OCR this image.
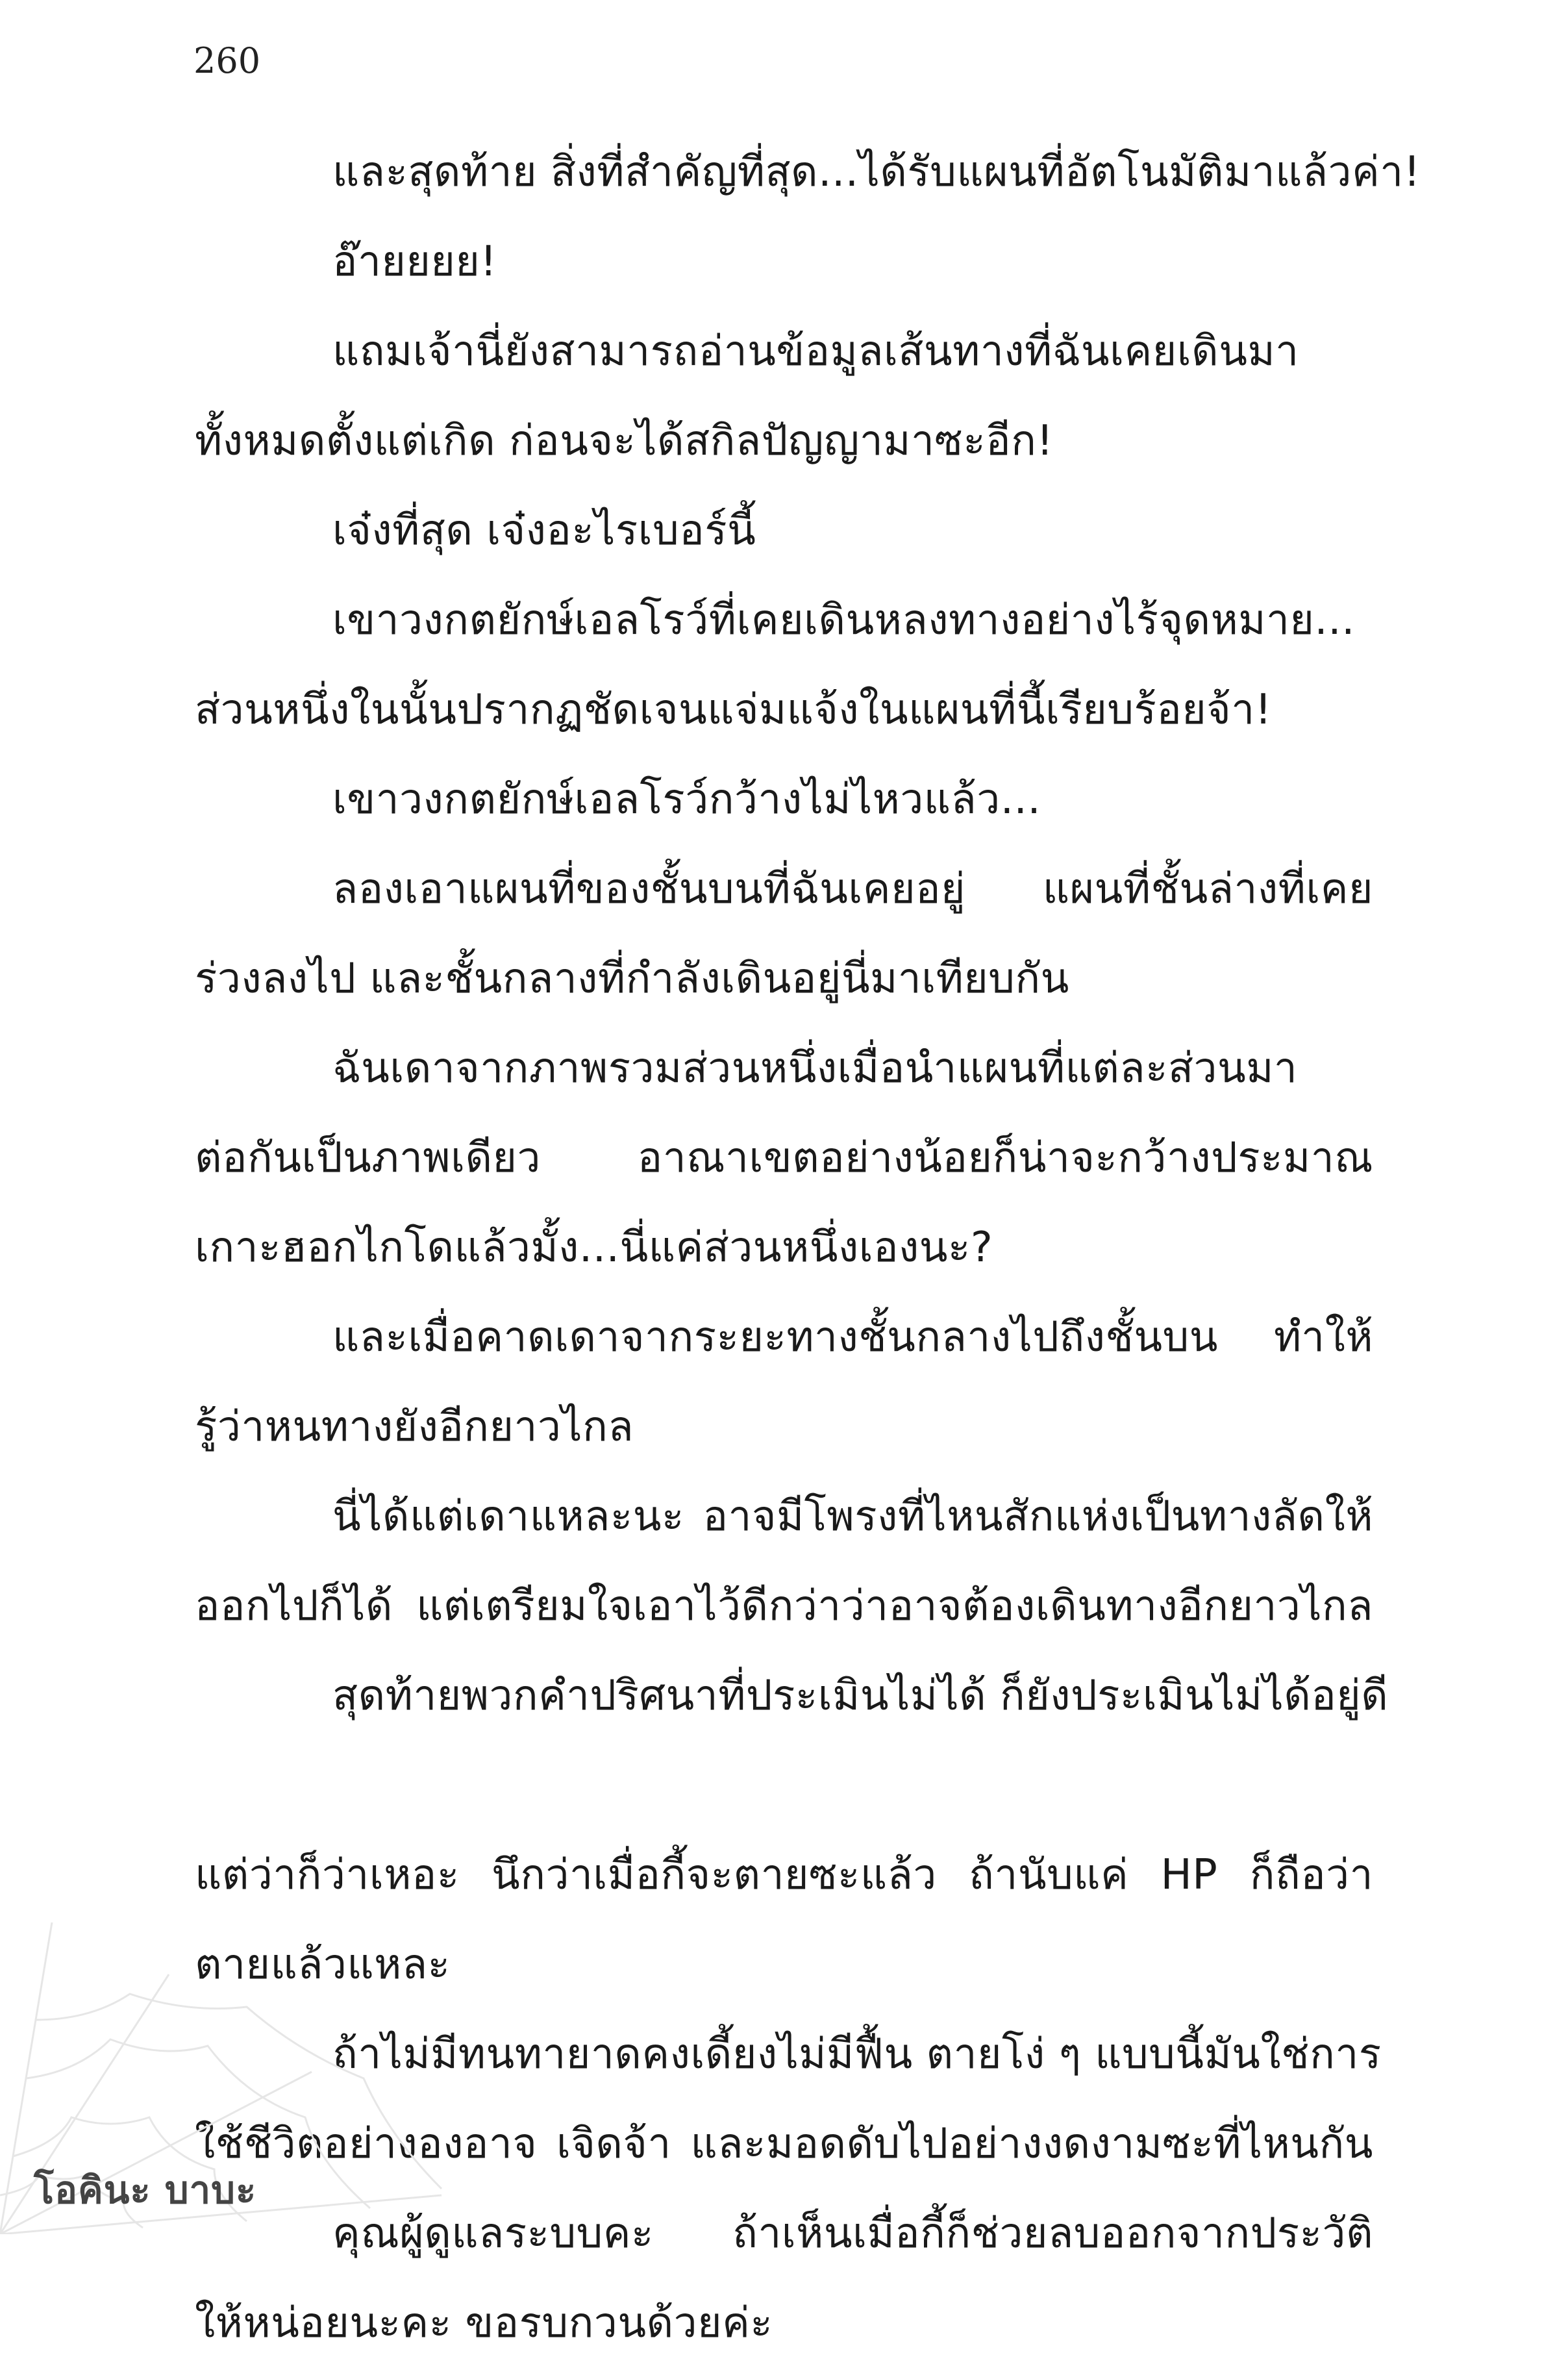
260
และสุดท้าย สิ่งที่สำคัญที่สุด...ได้รับแผนที่อัตโนมัติมาแล้วค่า!
อ๊ายยยย!
แถมเจ้านี่ยังสามารถอ่านข้อมูลเส้นทางที่ฉันเคยเดินมา
ทั้งหมดตั้งแต่เกิด ก่อนจะได้สกิลปัญญามาซะอีก!
เจ๋งที่สุด เจ๋งอะไรเบอร์นี้
เขาวงกตยักษ์เอลโรว์ที่เคยเดินหลงทางอย่างไร้จุดหมาย...
ส่วนหนึ่งในนั้นปรากฏชัดเจนแจ่มแจ้งในแผนที่นี้เรียบร้อยจ้า!
เขาวงกตยักษ์เอลโรว์กว้างไม่ไหวแล้ว...
ลองเอาแผนที่ของชั้นบนที่ฉันเคยอยู่ แผนที่ชั้นล่างที่เคย
ร่วงลงไป และชั้นกลางที่กำลังเดินอยู่นี่มาเทียบกัน
ฉันเดาจากภาพรวมส่วนหนึ่งเมื่อนำแผนที่แต่ละส่วนมา
ต่อกันเป็นภาพเดียว อาณาเขตอย่างน้อยก็น่าจะกว้างประมาณ
เกาะฮอกไกโดแล้วมั้ง...นี่แค่ส่วนหนึ่งเองนะ?
และเมื่อคาดเดาจากระยะทางชั้นกลางไปถึงชั้นบน ทำให้
รู้ว่าหนทางยังอีกยาวไกล
นี่ได้แต่เดาแหละนะ อาจมีโพรงที่ไหนสักแห่งเป็นทางลัดให้
ออกไปก็ได้ แต่เตรียมใจเอาไว้ดีกว่าว่าอาจต้องเดินทางอีกยาวไกล
สุดท้ายพวกคำปริศนาที่ประเมินไม่ได้ ก็ยังประเมินไม่ได้อยู่ดี
แต่ว่าก็ว่าเหอะ นึกว่าเมื่อกี้จะตายซะแล้ว ถ้านับแค่ HP ก็ถือว่า
ตายแล้วแหละ
ถ้าไม่มีทนทายาดคงเดี้ยงไม่มีฟื้น ตายโง่ ๆ แบบนี้มันใช่การ
ใช้ชีวิตอย่างองอาจ เจิดจ้า และมอดดับไปอย่างงดงามซะที่ไหนกัน
คุณผู้ดูแลระบบคะ ถ้าเห็นเมื่อกี้ก็ช่วยลบออกจากประวัติ
ให้หน่อยนะคะ ขอรบกวนด้วยค่ะ
โอคินะ บาบะ
